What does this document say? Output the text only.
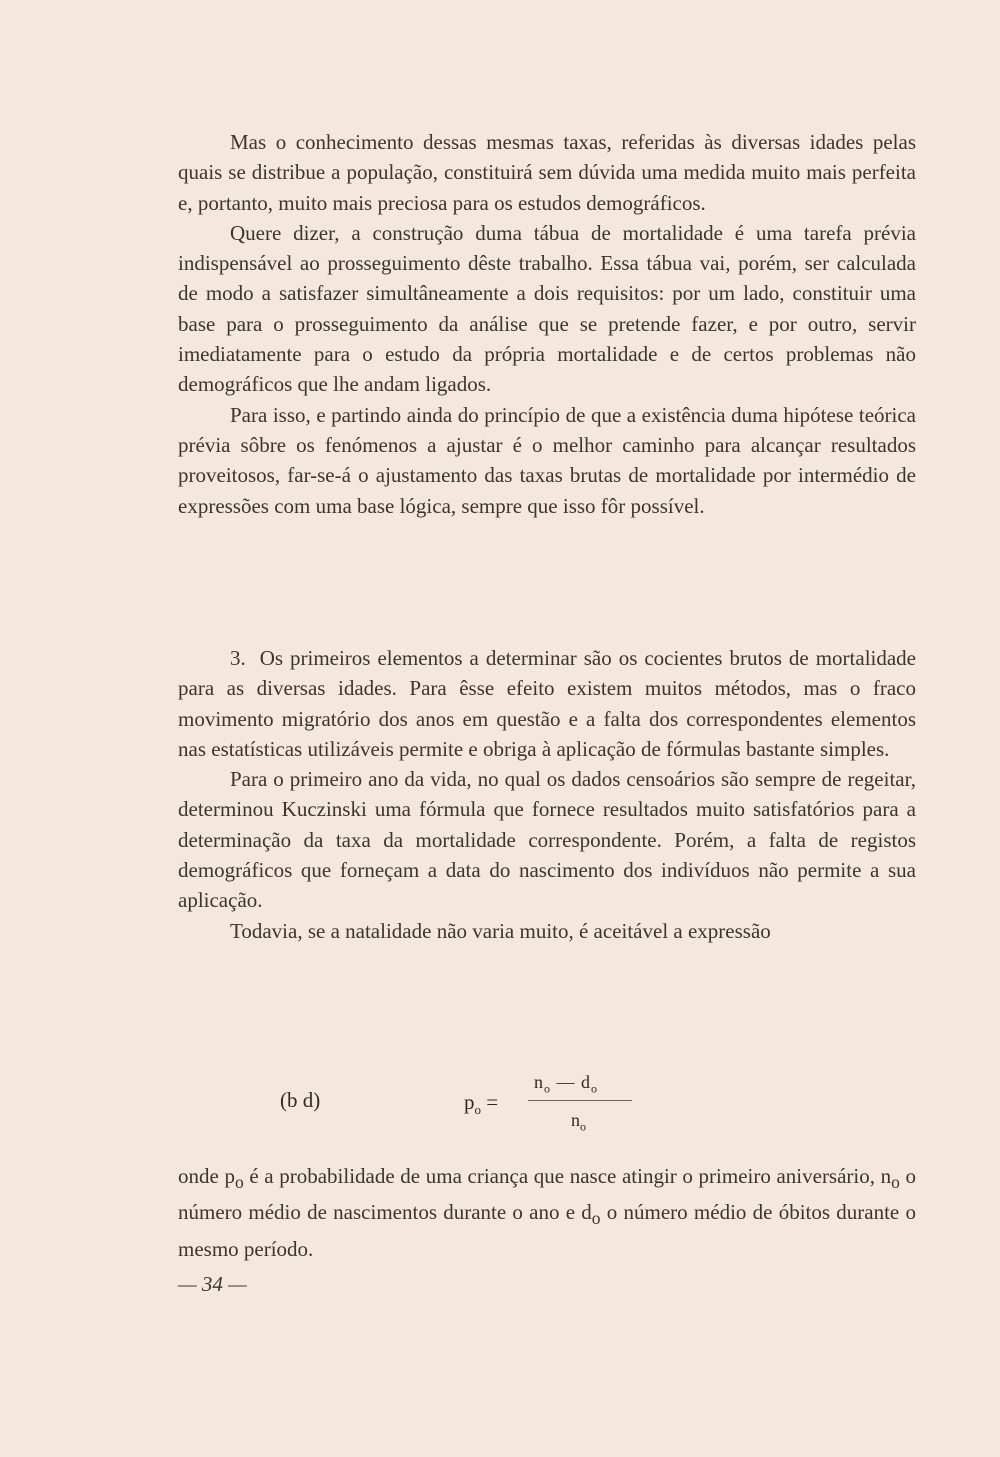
Mas o conhecimento dessas mesmas taxas, referidas às diversas idades pelas quais se distribue a população, constituirá sem dúvida uma medida muito mais perfeita e, portanto, muito mais preciosa para os estudos demográficos.

Quere dizer, a construção duma tábua de mortalidade é uma tarefa prévia indispensável ao prosseguimento dêste trabalho. Essa tábua vai, porém, ser calculada de modo a satisfazer simultâneamente a dois requisitos: por um lado, constituir uma base para o prosseguimento da análise que se pretende fazer, e por outro, servir imediatamente para o estudo da própria mortalidade e de certos problemas não demográficos que lhe andam ligados.

Para isso, e partindo ainda do princípio de que a existência duma hipótese teórica prévia sôbre os fenómenos a ajustar é o melhor caminho para alcançar resultados proveitosos, far-se-á o ajustamento das taxas brutas de mortalidade por intermédio de expressões com uma base lógica, sempre que isso fôr possível.

3. Os primeiros elementos a determinar são os cocientes brutos de mortalidade para as diversas idades. Para êsse efeito existem muitos métodos, mas o fraco movimento migratório dos anos em questão e a falta dos correspondentes elementos nas estatísticas utilizáveis permite e obriga à aplicação de fórmulas bastante simples.

Para o primeiro ano da vida, no qual os dados censoários são sempre de regeitar, determinou Kuczinski uma fórmula que fornece resultados muito satisfatórios para a determinação da taxa da mortalidade correspondente. Porém, a falta de registos demográficos que forneçam a data do nascimento dos indivíduos não permite a sua aplicação.

Todavia, se a natalidade não varia muito, é aceitável a expressão

(b d)	$p_o$ =
$n_o$ — $d_o$
$n_o$

onde $p_o$ é a probabilidade de uma criança que nasce atingir o primeiro aniversário, $n_o$ o número médio de nascimentos durante o ano e $d_o$ o número médio de óbitos durante o mesmo período.

— 34 —
